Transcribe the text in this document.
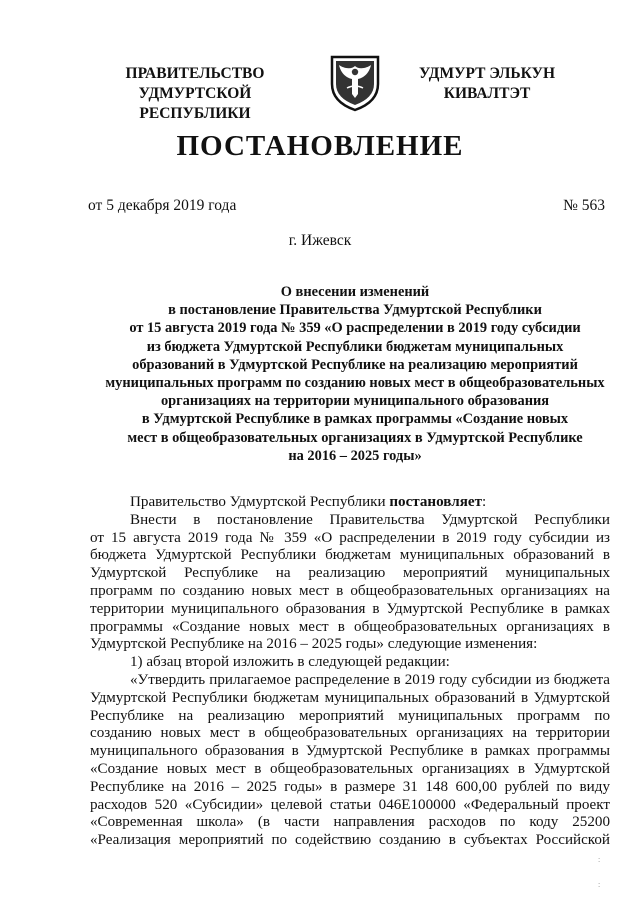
ПРАВИТЕЛЬСТВО
УДМУРТСКОЙ РЕСПУБЛИКИ
УДМУРТ ЭЛЬКУН
КИВАЛТЭТ
ПОСТАНОВЛЕНИЕ
от 5 декабря 2019 года	№ 563
г. Ижевск
О внесении изменений
в постановление Правительства Удмуртской Республики
от 15 августа 2019 года № 359 «О распределении в 2019 году субсидии
из бюджета Удмуртской Республики бюджетам муниципальных
образований в Удмуртской Республике на реализацию мероприятий
муниципальных программ по созданию новых мест в общеобразовательных
организациях на территории муниципального образования
в Удмуртской Республике в рамках программы «Создание новых
мест в общеобразовательных организациях в Удмуртской Республике
на 2016 – 2025 годы»
Правительство Удмуртской Республики постановляет:
Внести в постановление Правительства Удмуртской Республики
от 15 августа 2019 года № 359 «О распределении в 2019 году субсидии из
бюджета Удмуртской Республики бюджетам муниципальных образований в
Удмуртской Республике на реализацию мероприятий муниципальных
программ по созданию новых мест в общеобразовательных организациях на
территории муниципального образования в Удмуртской Республике в рамках
программы «Создание новых мест в общеобразовательных организациях в
Удмуртской Республике на 2016 – 2025 годы» следующие изменения:
1) абзац второй изложить в следующей редакции:
«Утвердить прилагаемое распределение в 2019 году субсидии из бюджета
Удмуртской Республики бюджетам муниципальных образований в Удмуртской
Республике на реализацию мероприятий муниципальных программ по
созданию новых мест в общеобразовательных организациях на территории
муниципального образования в Удмуртской Республике в рамках программы
«Создание новых мест в общеобразовательных организациях в Удмуртской
Республике на 2016 – 2025 годы» в размере 31 148 600,00 рублей по виду
расходов 520 «Субсидии» целевой статьи 046Е100000 «Федеральный проект
«Современная школа» (в части направления расходов по коду 25200
«Реализация мероприятий по содействию созданию в субъектах Российской
:
:
